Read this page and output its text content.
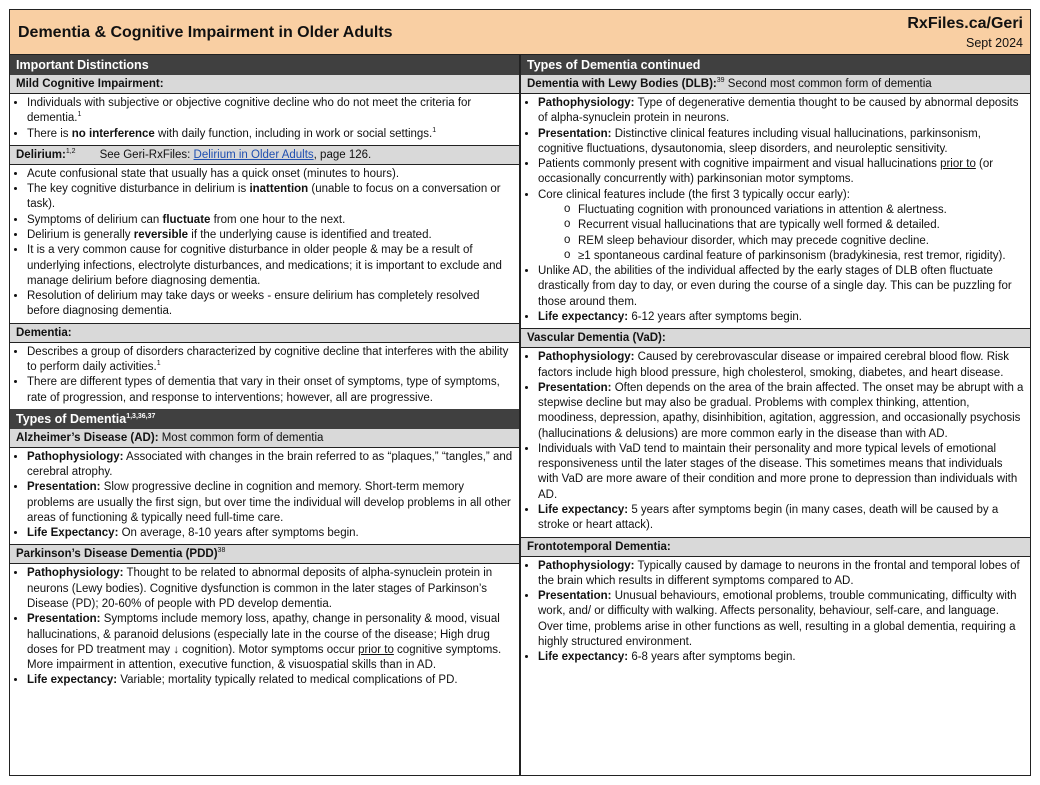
Dementia & Cognitive Impairment in Older Adults
RxFiles.ca/Geri
Sept 2024
Important Distinctions
Mild Cognitive Impairment:
• Individuals with subjective or objective cognitive decline who do not meet the criteria for dementia.$^1$
• There is no interference with daily function, including in work or social settings.$^1$
Delirium:$^{1,2}$ See Geri-RxFiles: Delirium in Older Adults, page 126.
• Acute confusional state that usually has a quick onset (minutes to hours).
• The key cognitive disturbance in delirium is inattention (unable to focus on a conversation or task).
• Symptoms of delirium can fluctuate from one hour to the next.
• Delirium is generally reversible if the underlying cause is identified and treated.
• It is a very common cause for cognitive disturbance in older people & may be a result of underlying infections, electrolyte disturbances, and medications; it is important to exclude and manage delirium before diagnosing dementia.
• Resolution of delirium may take days or weeks - ensure delirium has completely resolved before diagnosing dementia.
Dementia:
• Describes a group of disorders characterized by cognitive decline that interferes with the ability to perform daily activities.$^1$
• There are different types of dementia that vary in their onset of symptoms, type of symptoms, rate of progression, and response to interventions; however, all are progressive.
Types of Dementia$^{1,3,36,37}$
Alzheimer’s Disease (AD): Most common form of dementia
• Pathophysiology: Associated with changes in the brain referred to as “plaques,” “tangles,” and cerebral atrophy.
• Presentation: Slow progressive decline in cognition and memory. Short-term memory problems are usually the first sign, but over time the individual will develop problems in all other areas of functioning & typically need full-time care.
• Life Expectancy: On average, 8-10 years after symptoms begin.
Parkinson’s Disease Dementia (PDD)$^{38}$
• Pathophysiology: Thought to be related to abnormal deposits of alpha-synuclein protein in neurons (Lewy bodies). Cognitive dysfunction is common in the later stages of Parkinson’s Disease (PD); 20-60% of people with PD develop dementia.
• Presentation: Symptoms include memory loss, apathy, change in personality & mood, visual hallucinations, & paranoid delusions (especially late in the course of the disease; High drug doses for PD treatment may ↓ cognition). Motor symptoms occur prior to cognitive symptoms. More impairment in attention, executive function, & visuospatial skills than in AD.
• Life expectancy: Variable; mortality typically related to medical complications of PD.
Types of Dementia continued
Dementia with Lewy Bodies (DLB):$^{39}$ Second most common form of dementia
• Pathophysiology: Type of degenerative dementia thought to be caused by abnormal deposits of alpha-synuclein protein in neurons.
• Presentation: Distinctive clinical features including visual hallucinations, parkinsonism, cognitive fluctuations, dysautonomia, sleep disorders, and neuroleptic sensitivity.
• Patients commonly present with cognitive impairment and visual hallucinations prior to (or occasionally concurrently with) parkinsonian motor symptoms.
• Core clinical features include (the first 3 typically occur early):
o Fluctuating cognition with pronounced variations in attention & alertness.
o Recurrent visual hallucinations that are typically well formed & detailed.
o REM sleep behaviour disorder, which may precede cognitive decline.
o ≥1 spontaneous cardinal feature of parkinsonism (bradykinesia, rest tremor, rigidity).
• Unlike AD, the abilities of the individual affected by the early stages of DLB often fluctuate drastically from day to day, or even during the course of a single day. This can be puzzling for those around them.
• Life expectancy: 6-12 years after symptoms begin.
Vascular Dementia (VaD):
• Pathophysiology: Caused by cerebrovascular disease or impaired cerebral blood flow. Risk factors include high blood pressure, high cholesterol, smoking, diabetes, and heart disease.
• Presentation: Often depends on the area of the brain affected. The onset may be abrupt with a stepwise decline but may also be gradual. Problems with complex thinking, attention, moodiness, depression, apathy, disinhibition, agitation, aggression, and occasionally psychosis (hallucinations & delusions) are more common early in the disease than with AD.
• Individuals with VaD tend to maintain their personality and more typical levels of emotional responsiveness until the later stages of the disease. This sometimes means that individuals with VaD are more aware of their condition and more prone to depression than individuals with AD.
• Life expectancy: 5 years after symptoms begin (in many cases, death will be caused by a stroke or heart attack).
Frontotemporal Dementia:
• Pathophysiology: Typically caused by damage to neurons in the frontal and temporal lobes of the brain which results in different symptoms compared to AD.
• Presentation: Unusual behaviours, emotional problems, trouble communicating, difficulty with work, and/ or difficulty with walking. Affects personality, behaviour, self-care, and language. Over time, problems arise in other functions as well, resulting in a global dementia, requiring a highly structured environment.
• Life expectancy: 6-8 years after symptoms begin.
